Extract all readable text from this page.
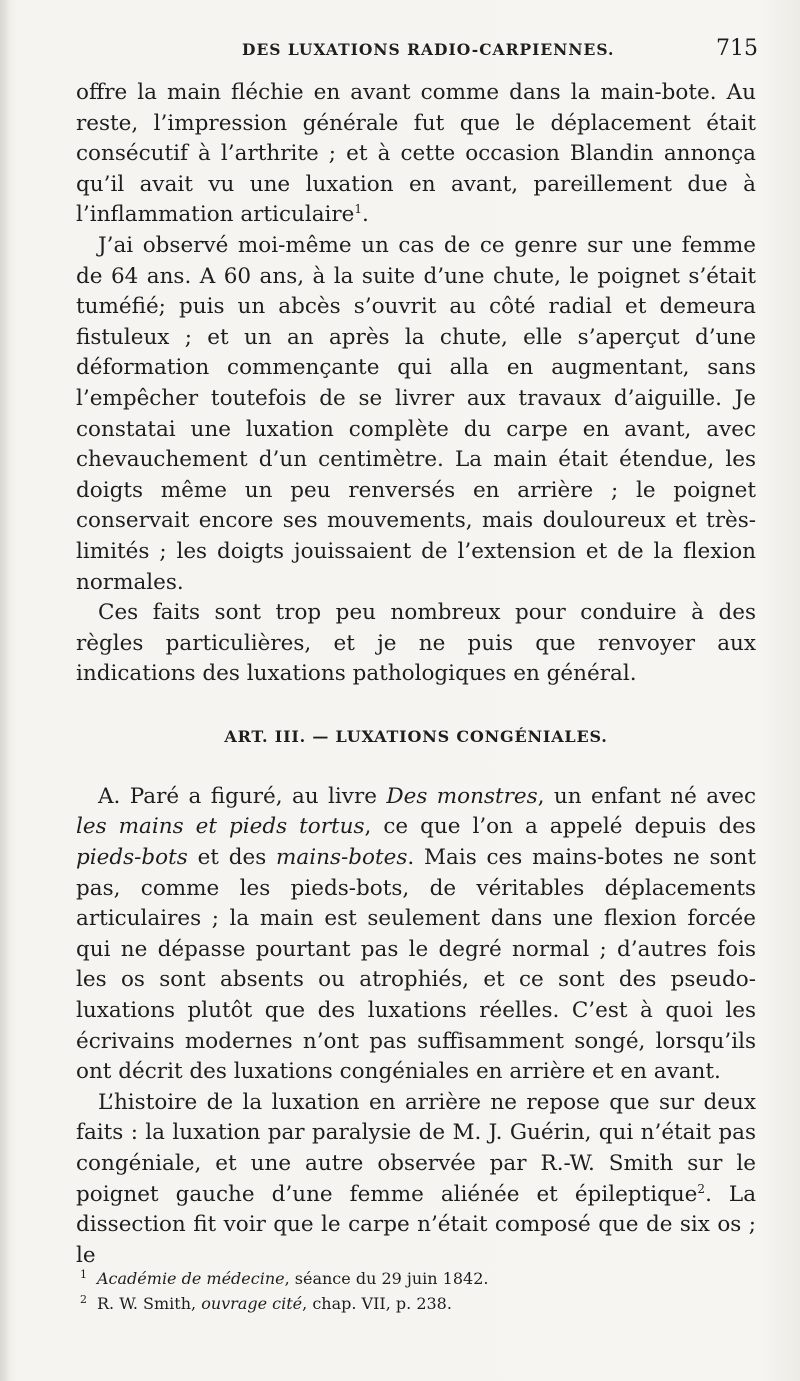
DES LUXATIONS RADIO-CARPIENNES.	715

offre la main fléchie en avant comme dans la main-bote. Au reste, l’impression générale fut que le déplacement était consécutif à l’arthrite ; et à cette occasion Blandin annonça qu’il avait vu une luxation en avant, pareillement due à l’inflammation articulaire$^1$.

J’ai observé moi-même un cas de ce genre sur une femme de 64 ans. A 60 ans, à la suite d’une chute, le poignet s’était tuméfié; puis un abcès s’ouvrit au côté radial et demeura fistuleux ; et un an après la chute, elle s’aperçut d’une déformation commençante qui alla en augmentant, sans l’empêcher toutefois de se livrer aux travaux d’aiguille. Je constatai une luxation complète du carpe en avant, avec chevauchement d’un centimètre. La main était étendue, les doigts même un peu renversés en arrière ; le poignet conservait encore ses mouvements, mais douloureux et très-limités ; les doigts jouissaient de l’extension et de la flexion normales.

Ces faits sont trop peu nombreux pour conduire à des règles particulières, et je ne puis que renvoyer aux indications des luxations pathologiques en général.

ART. III. — LUXATIONS CONGÉNIALES.

A. Paré a figuré, au livre Des monstres, un enfant né avec les mains et pieds tortus, ce que l’on a appelé depuis des pieds-bots et des mains-botes. Mais ces mains-botes ne sont pas, comme les pieds-bots, de véritables déplacements articulaires ; la main est seulement dans une flexion forcée qui ne dépasse pourtant pas le degré normal ; d’autres fois les os sont absents ou atrophiés, et ce sont des pseudo-luxations plutôt que des luxations réelles. C’est à quoi les écrivains modernes n’ont pas suffisamment songé, lorsqu’ils ont décrit des luxations congéniales en arrière et en avant.

L’histoire de la luxation en arrière ne repose que sur deux faits : la luxation par paralysie de M. J. Guérin, qui n’était pas congéniale, et une autre observée par R.-W. Smith sur le poignet gauche d’une femme aliénée et épileptique$^2$. La dissection fit voir que le carpe n’était composé que de six os ; le

$^1$ Académie de médecine, séance du 29 juin 1842.

$^2$ R. W. Smith, ouvrage cité, chap. VII, p. 238.
